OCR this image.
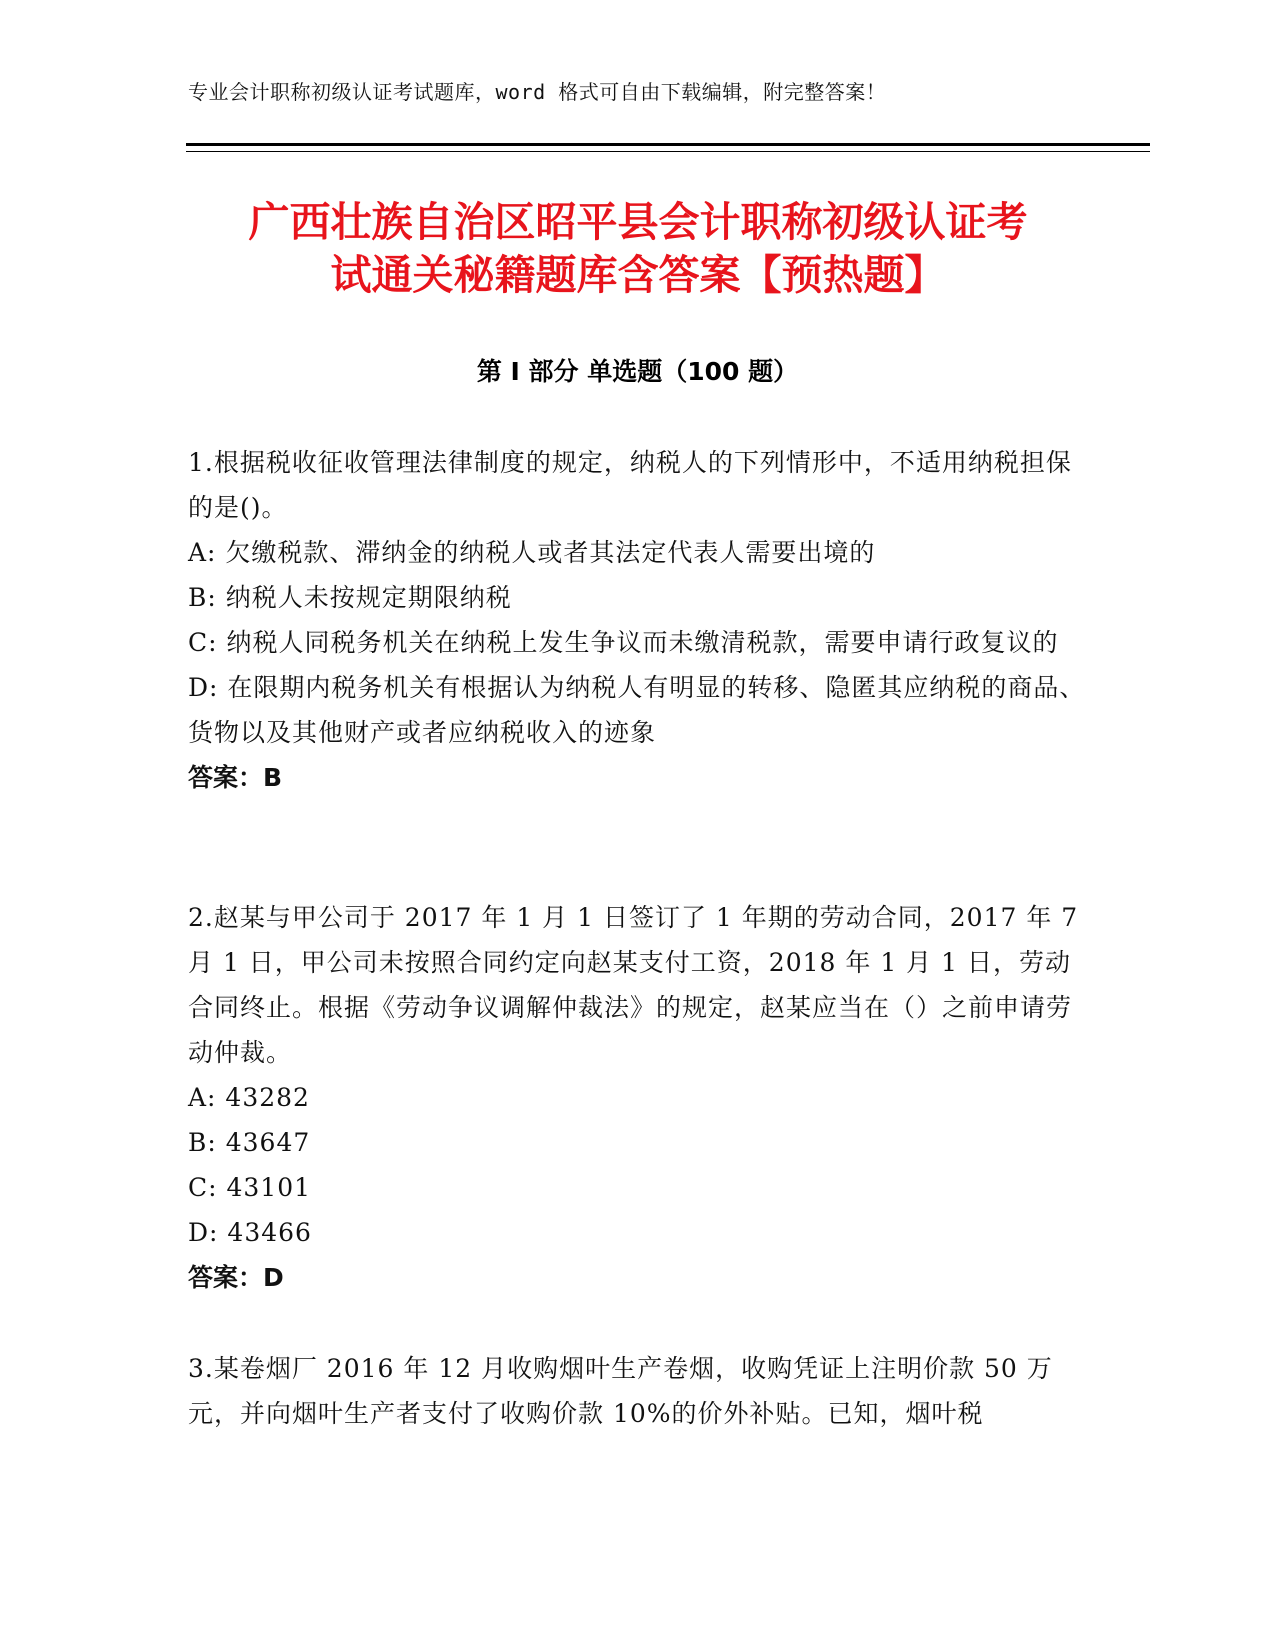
专业会计职称初级认证考试题库，word 格式可自由下载编辑，附完整答案！
广西壮族自治区昭平县会计职称初级认证考
试通关秘籍题库含答案【预热题】
第 I 部分 单选题（100 题）

1.根据税收征收管理法律制度的规定，纳税人的下列情形中，不适用纳税担保的是()。

A: 欠缴税款、滞纳金的纳税人或者其法定代表人需要出境的

B: 纳税人未按规定期限纳税

C: 纳税人同税务机关在纳税上发生争议而未缴清税款，需要申请行政复议的

D: 在限期内税务机关有根据认为纳税人有明显的转移、隐匿其应纳税的商品、货物以及其他财产或者应纳税收入的迹象

答案：B

2.赵某与甲公司于 2017 年 1 月 1 日签订了 1 年期的劳动合同，2017 年 7 月 1 日，甲公司未按照合同约定向赵某支付工资，2018 年 1 月 1 日，劳动合同终止。根据《劳动争议调解仲裁法》的规定，赵某应当在（）之前申请劳动仲裁。

A: 43282

B: 43647

C: 43101

D: 43466

答案：D

3.某卷烟厂 2016 年 12 月收购烟叶生产卷烟，收购凭证上注明价款 50 万元，并向烟叶生产者支付了收购价款 10%的价外补贴。已知，烟叶税
